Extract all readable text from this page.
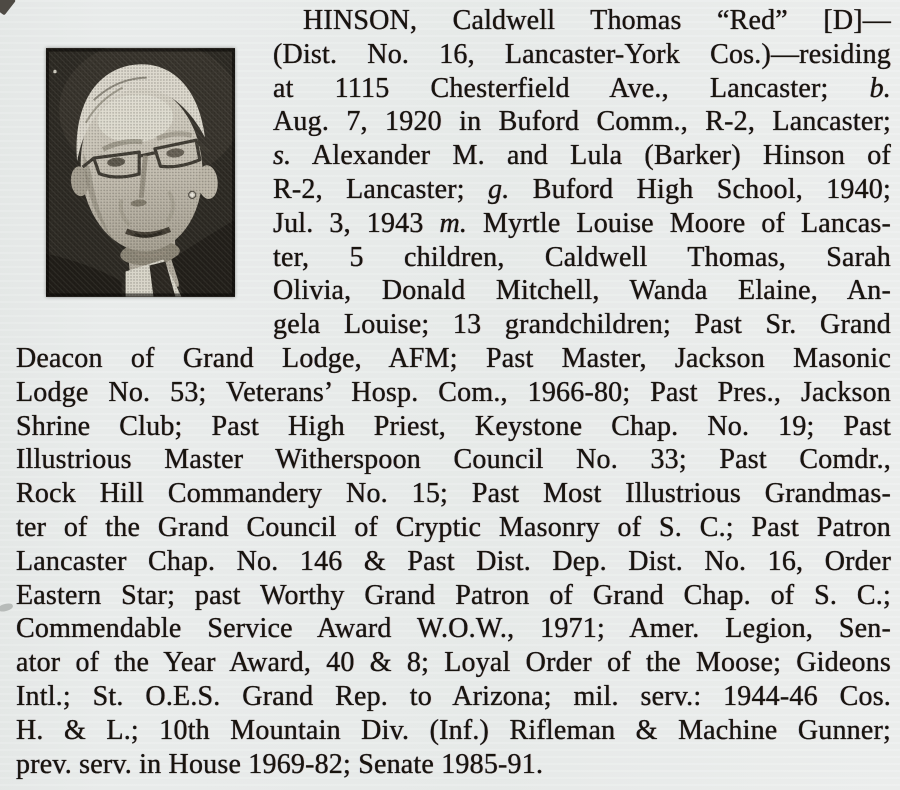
HINSON, Caldwell Thomas “Red” [D]—
(Dist. No. 16, Lancaster-York Cos.)—residing
at 1115 Chesterfield Ave., Lancaster; b.
Aug. 7, 1920 in Buford Comm., R-2, Lancaster;
s. Alexander M. and Lula (Barker) Hinson of
R-2, Lancaster; g. Buford High School, 1940;
Jul. 3, 1943 m. Myrtle Louise Moore of Lancas-
ter, 5 children, Caldwell Thomas, Sarah
Olivia, Donald Mitchell, Wanda Elaine, An-
gela Louise; 13 grandchildren; Past Sr. Grand
Deacon of Grand Lodge, AFM; Past Master, Jackson Masonic
Lodge No. 53; Veterans’ Hosp. Com., 1966-80; Past Pres., Jackson
Shrine Club; Past High Priest, Keystone Chap. No. 19; Past
Illustrious Master Witherspoon Council No. 33; Past Comdr.,
Rock Hill Commandery No. 15; Past Most Illustrious Grandmas-
ter of the Grand Council of Cryptic Masonry of S. C.; Past Patron
Lancaster Chap. No. 146 & Past Dist. Dep. Dist. No. 16, Order
Eastern Star; past Worthy Grand Patron of Grand Chap. of S. C.;
Commendable Service Award W.O.W., 1971; Amer. Legion, Sen-
ator of the Year Award, 40 & 8; Loyal Order of the Moose; Gideons
Intl.; St. O.E.S. Grand Rep. to Arizona; mil. serv.: 1944-46 Cos.
H. & L.; 10th Mountain Div. (Inf.) Rifleman & Machine Gunner;
prev. serv. in House 1969-82; Senate 1985-91.
